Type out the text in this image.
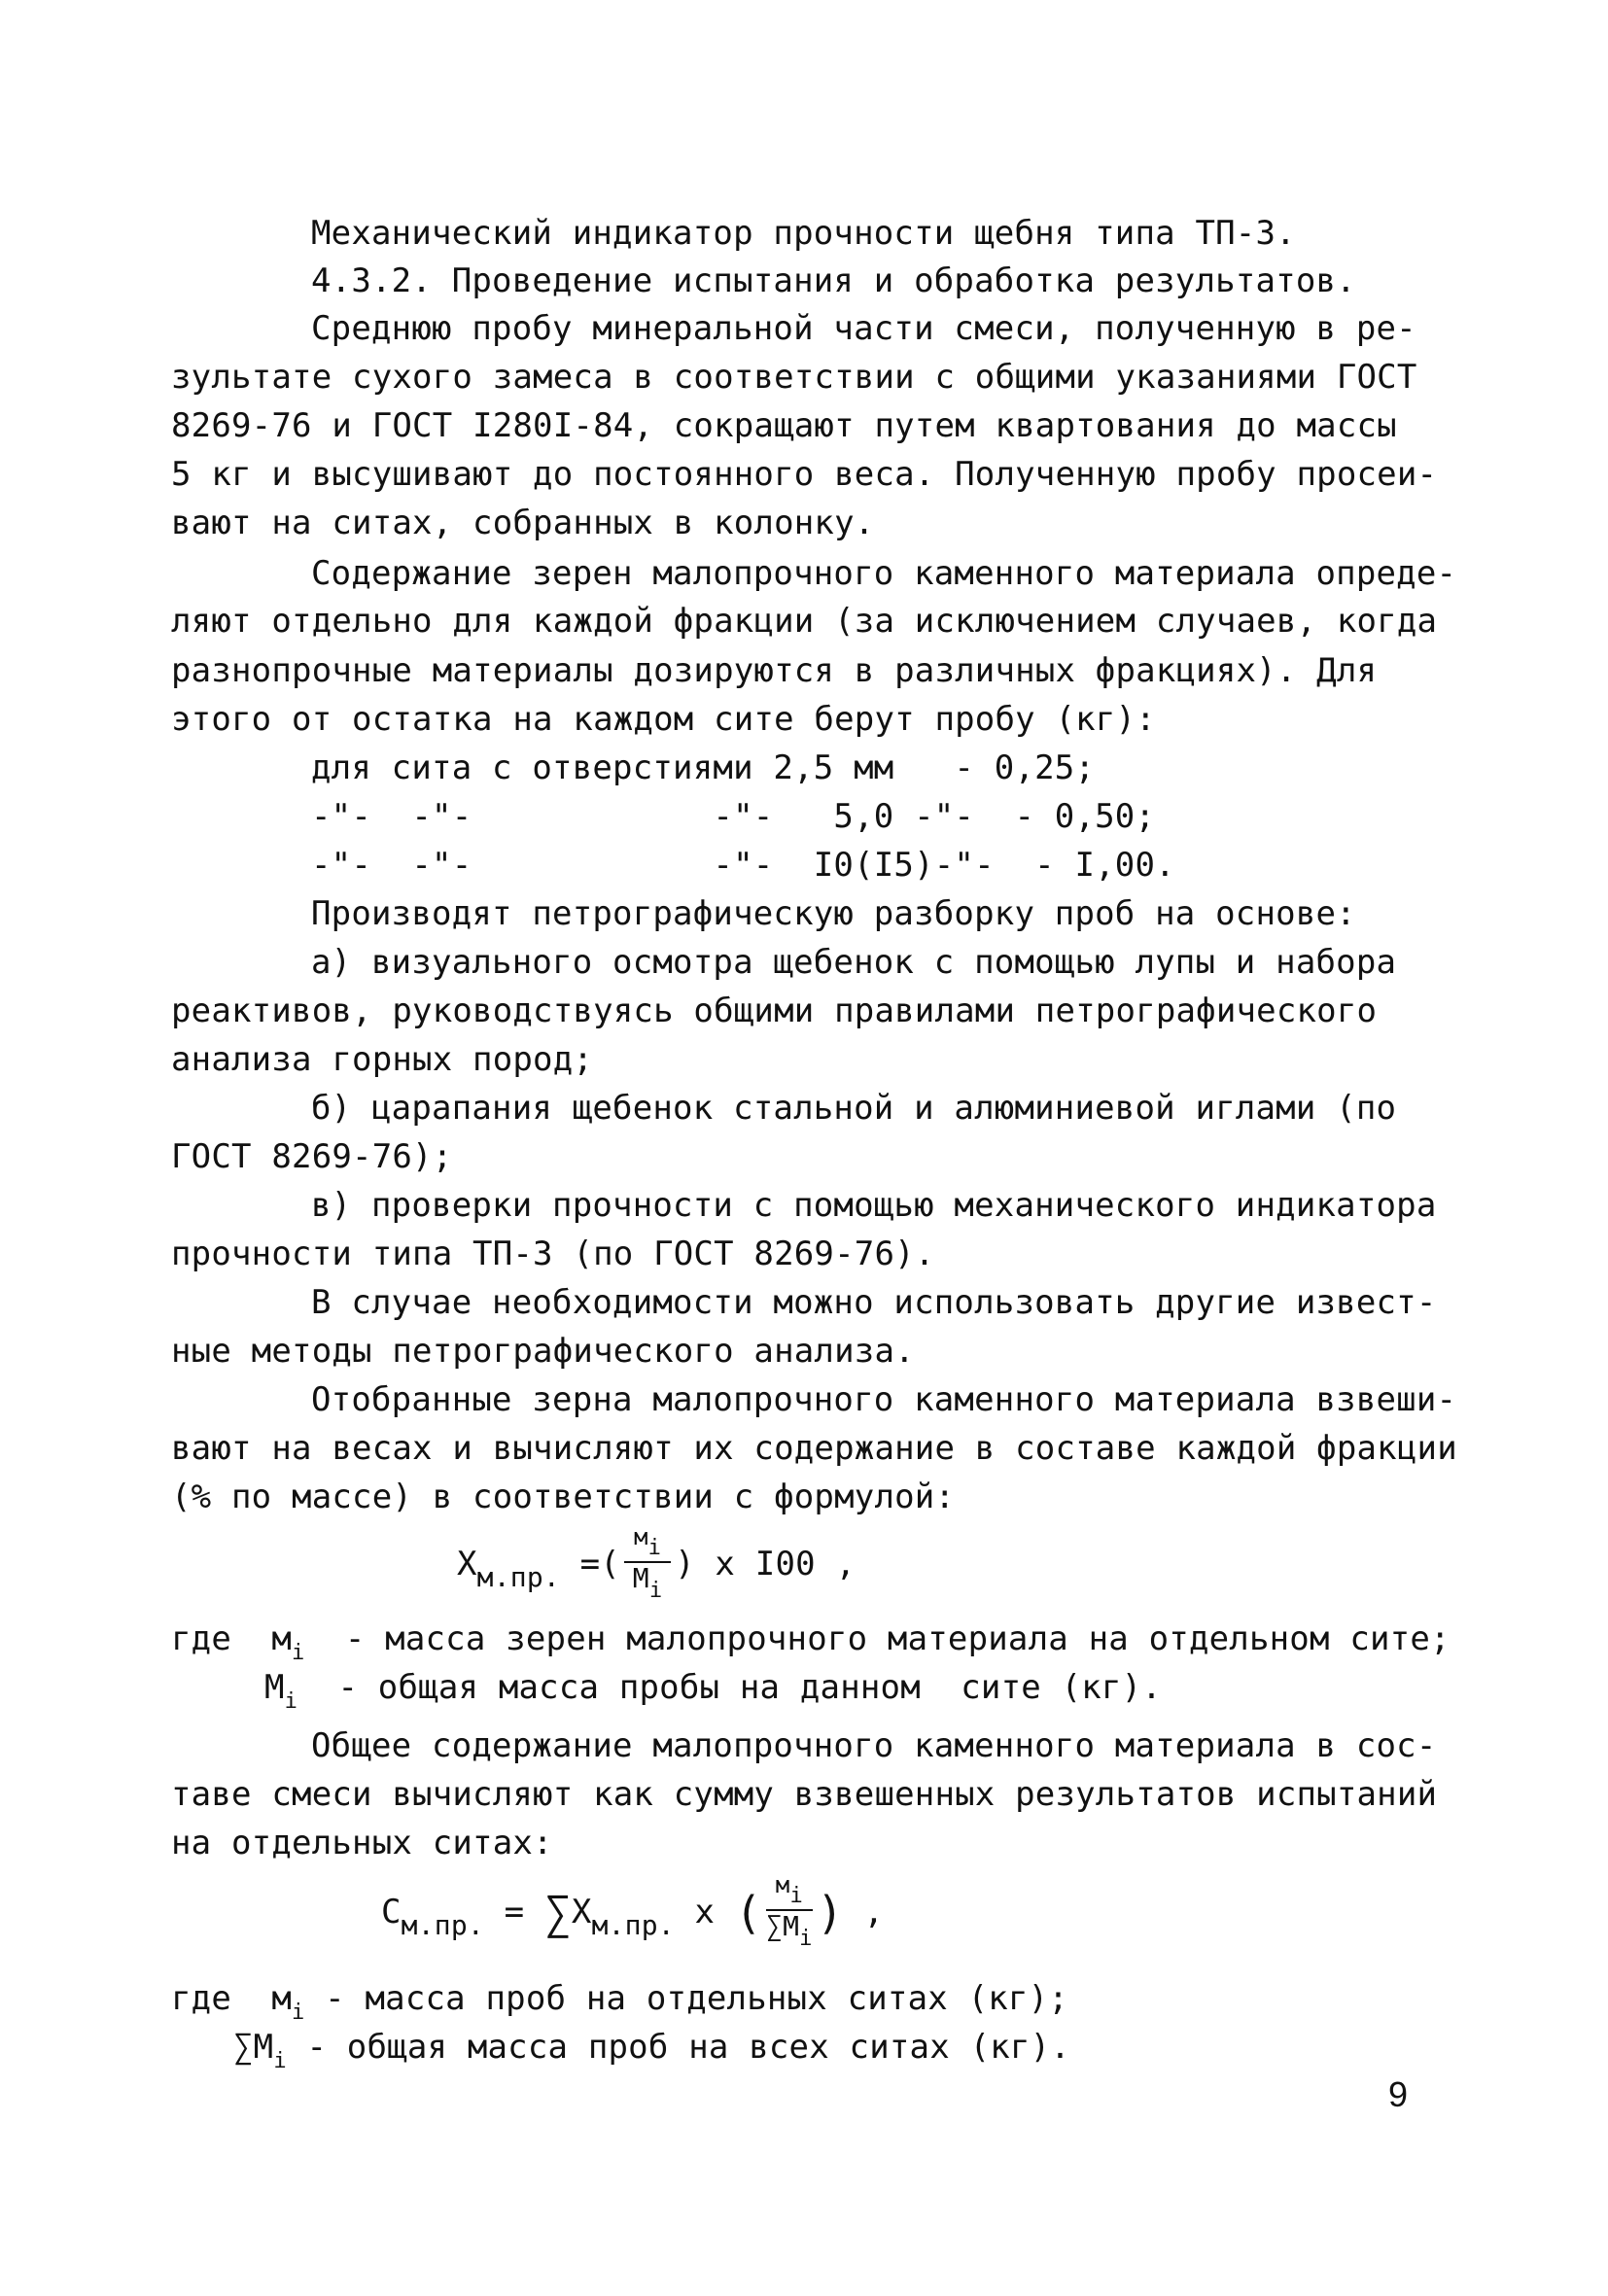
Механический индикатор прочности щебня типа ТП-3.
4.3.2. Проведение испытания и обработка результатов.
Среднюю пробу минеральной части смеси, полученную в ре-
зультате сухого замеса в соответствии с общими указаниями ГОСТ
8269-76 и ГОСТ I280I-84, сокращают путем квартования до массы
5 кг и высушивают до постоянного веса. Полученную пробу просеи-
вают на ситах, собранных в колонку.
Содержание зерен малопрочного каменного материала опреде-
ляют отдельно для каждой фракции (за исключением случаев, когда
разнопрочные материалы дозируются в различных фракциях). Для
этого от остатка на каждом сите берут пробу (кг):
для сита с отверстиями 2,5 мм   - 0,25;
-"-  -"-            -"-   5,0 -"-  - 0,50;
-"-  -"-            -"-  I0(I5)-"-  - I,00.
Производят петрографическую разборку проб на основе:
а) визуального осмотра щебенок с помощью лупы и набора
реактивов, руководствуясь общими правилами петрографического
анализа горных пород;
б) царапания щебенок стальной и алюминиевой иглами (по
ГОСТ 8269-76);
в) проверки прочности с помощью механического индикатора
прочности типа ТП-3 (по ГОСТ 8269-76).
В случае необходимости можно использовать другие извест-
ные методы петрографического анализа.
Отобранные зерна малопрочного каменного материала взвеши-
вают на весах и вычисляют их содержание в составе каждой фракции
(% по массе) в соответствии с формулой:
$X_{м.пр.}$ =( $\frac{мi}{M_i}$ ) x I00 ,
где $м_i$ - масса зерен малопрочного материала на отдельном сите;
$M_i$ - общая масса пробы на данном  сите (кг).
Общее содержание малопрочного каменного материала в сос-
таве смеси вычисляют как сумму взвешенных результатов испытаний
на отдельных ситах:
$C_{м.пр.} = \sum X_{м.пр.}$ x ( $\frac{мi}{\sum M_i}$ ) ,
где $м_i$ - масса проб на отдельных ситах (кг);
$\sum M_i$ - общая масса проб на всех ситах (кг).
9
